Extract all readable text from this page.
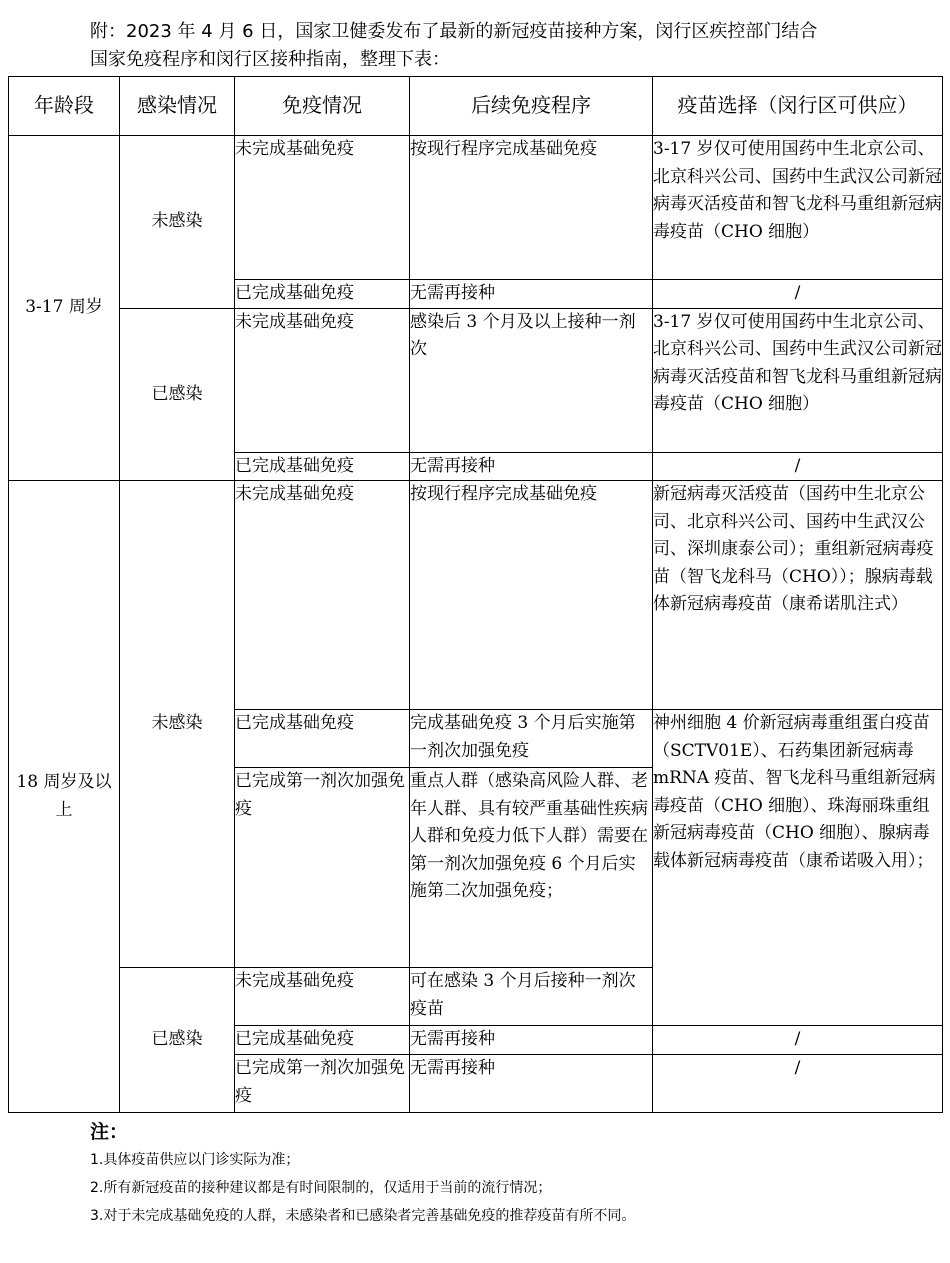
附：2023 年 4 月 6 日，国家卫健委发布了最新的新冠疫苗接种方案，闵行区疾控部门结合

国家免疫程序和闵行区接种指南，整理下表：

年龄段	感染情况	免疫情况	后续免疫程序	疫苗选择（闵行区可供应）
3-17 周岁	未感染	未完成基础免疫	按现行程序完成基础免疫	3-17 岁仅可使用国药中生北京公司、北京科兴公司、国药中生武汉公司新冠病毒灭活疫苗和智飞龙科马重组新冠病毒疫苗（CHO 细胞）
		已完成基础免疫	无需再接种	/
	已感染	未完成基础免疫	感染后 3 个月及以上接种一剂次	3-17 岁仅可使用国药中生北京公司、北京科兴公司、国药中生武汉公司新冠病毒灭活疫苗和智飞龙科马重组新冠病毒疫苗（CHO 细胞）
		已完成基础免疫	无需再接种	/
18 周岁及以上	未感染	未完成基础免疫	按现行程序完成基础免疫	新冠病毒灭活疫苗（国药中生北京公司、北京科兴公司、国药中生武汉公司、深圳康泰公司）；重组新冠病毒疫苗（智飞龙科马（CHO））；腺病毒载体新冠病毒疫苗（康希诺肌注式）
		已完成基础免疫	完成基础免疫 3 个月后实施第一剂次加强免疫	神州细胞 4 价新冠病毒重组蛋白疫苗（SCTV01E）、石药集团新冠病毒 mRNA 疫苗、智飞龙科马重组新冠病毒疫苗（CHO 细胞）、珠海丽珠重组新冠病毒疫苗（CHO 细胞）、腺病毒载体新冠病毒疫苗（康希诺吸入用）；
		已完成第一剂次加强免疫	重点人群（感染高风险人群、老年人群、具有较严重基础性疾病人群和免疫力低下人群）需要在第一剂次加强免疫 6 个月后实施第二次加强免疫；	
	已感染	未完成基础免疫	可在感染 3 个月后接种一剂次疫苗	
		已完成基础免疫	无需再接种	/
		已完成第一剂次加强免疫	无需再接种	/
注：
1.具体疫苗供应以门诊实际为准；
2.所有新冠疫苗的接种建议都是有时间限制的，仅适用于当前的流行情况；
3.对于未完成基础免疫的人群，未感染者和已感染者完善基础免疫的推荐疫苗有所不同。
